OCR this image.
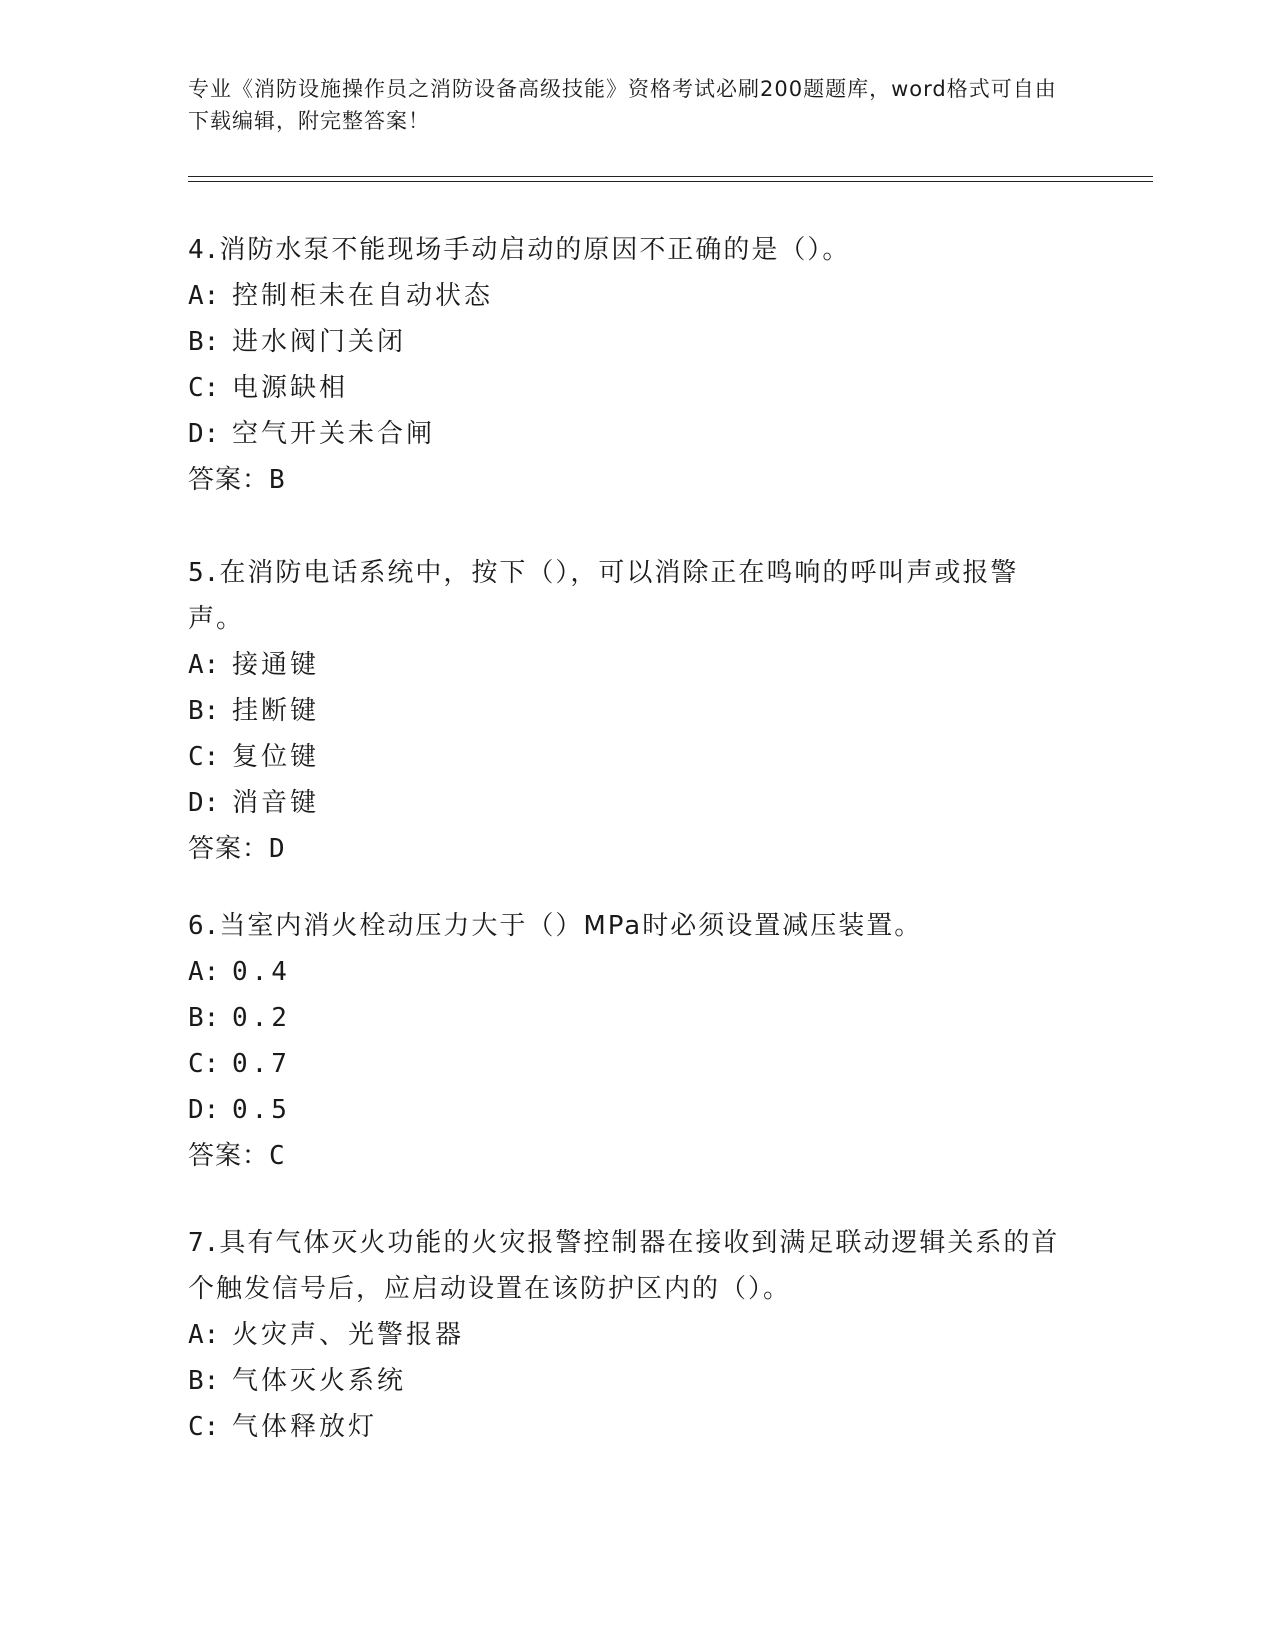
专业《消防设施操作员之消防设备高级技能》资格考试必刷200题题库，word格式可自由下载编辑，附完整答案！

4.消防水泵不能现场手动启动的原因不正确的是（）。

A: 控制柜未在自动状态

B: 进水阀门关闭

C: 电源缺相

D: 空气开关未合闸

答案：B

5.在消防电话系统中，按下（），可以消除正在鸣响的呼叫声或报警声。

A: 接通键

B: 挂断键

C: 复位键

D: 消音键

答案：D

6.当室内消火栓动压力大于（）MPa时必须设置减压装置。

A: 0.4

B: 0.2

C: 0.7

D: 0.5

答案：C

7.具有气体灭火功能的火灾报警控制器在接收到满足联动逻辑关系的首个触发信号后，应启动设置在该防护区内的（）。

A: 火灾声、光警报器

B: 气体灭火系统

C: 气体释放灯
